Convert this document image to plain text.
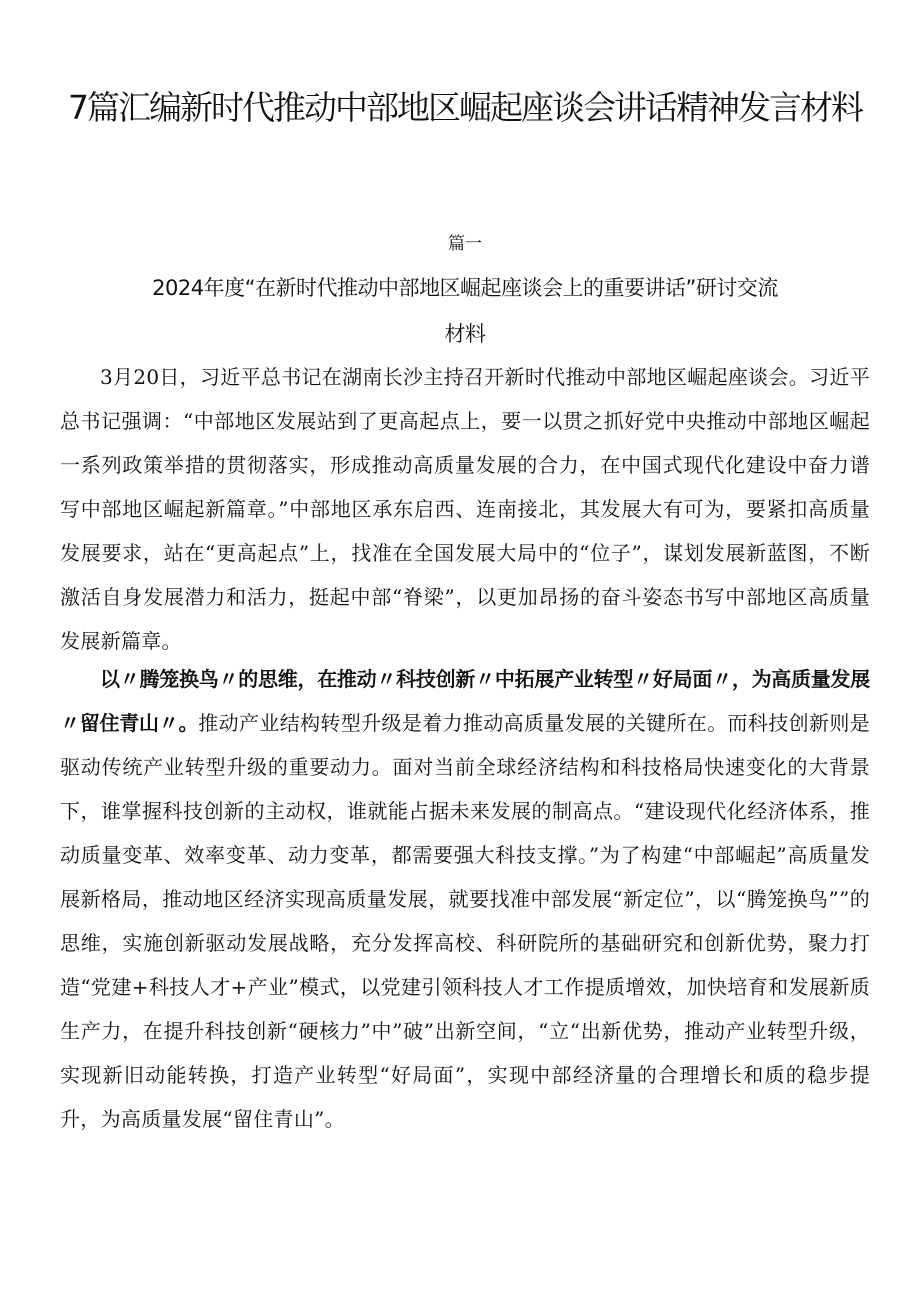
7篇汇编新时代推动中部地区崛起座谈会讲话精神发言材料
篇一
2024年度“在新时代推动中部地区崛起座谈会上的重要讲话”研讨交流材料

3月20日，习近平总书记在湖南长沙主持召开新时代推动中部地区崛起座谈会。习近平总书记强调：“中部地区发展站到了更高起点上，要一以贯之抓好党中央推动中部地区崛起一系列政策举措的贯彻落实，形成推动高质量发展的合力，在中国式现代化建设中奋力谱写中部地区崛起新篇章。”中部地区承东启西、连南接北，其发展大有可为，要紧扣高质量发展要求，站在“更高起点”上，找准在全国发展大局中的“位子”，谋划发展新蓝图，不断激活自身发展潜力和活力，挺起中部“脊梁”，以更加昂扬的奋斗姿态书写中部地区高质量发展新篇章。

以〃腾笼换鸟〃的思维，在推动〃科技创新〃中拓展产业转型〃好局面〃，为高质量发展〃留住青山〃。推动产业结构转型升级是着力推动高质量发展的关键所在。而科技创新则是驱动传统产业转型升级的重要动力。面对当前全球经济结构和科技格局快速变化的大背景下，谁掌握科技创新的主动权，谁就能占据未来发展的制高点。“建设现代化经济体系，推动质量变革、效率变革、动力变革，都需要强大科技支撑。”为了构建“中部崛起”高质量发展新格局，推动地区经济实现高质量发展，就要找准中部发展“新定位”，以“腾笼换鸟””的思维，实施创新驱动发展战略，充分发挥高校、科研院所的基础研究和创新优势，聚力打造“党建+科技人才+产业”模式，以党建引领科技人才工作提质增效，加快培育和发展新质生产力，在提升科技创新“硬核力”中”破”出新空间，“立“出新优势，推动产业转型升级，实现新旧动能转换，打造产业转型“好局面”，实现中部经济量的合理增长和质的稳步提升，为高质量发展“留住青山”。
